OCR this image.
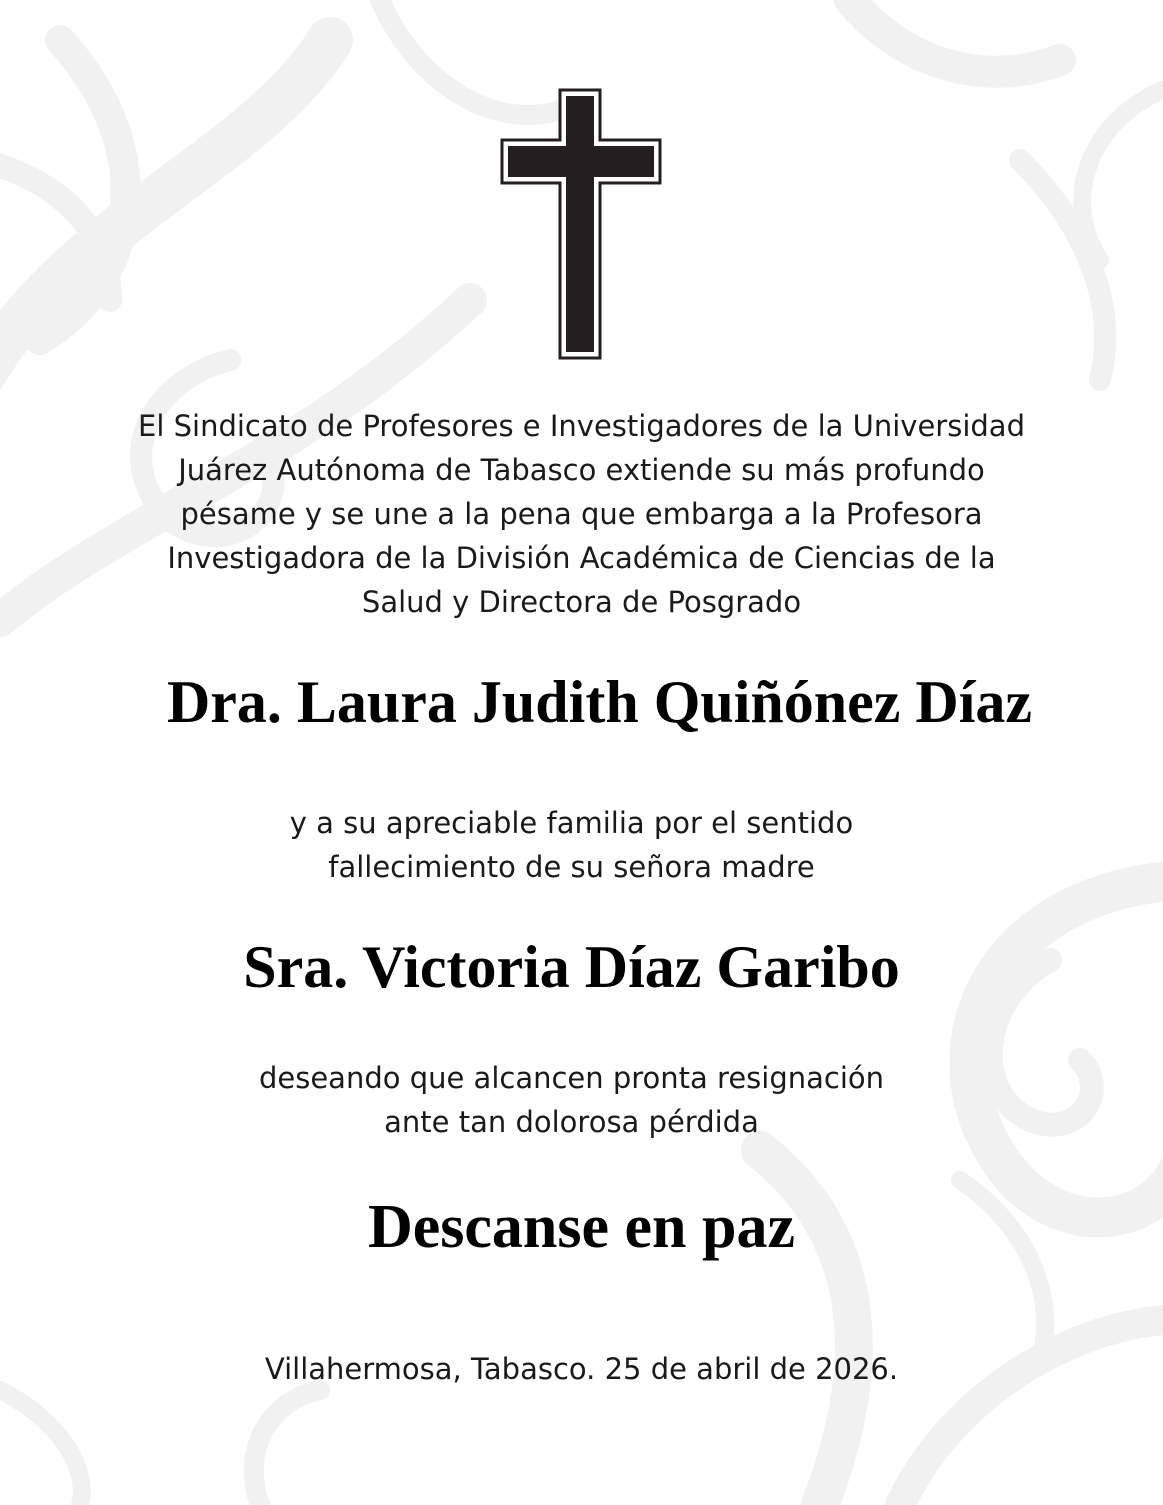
El Sindicato de Profesores e Investigadores de la Universidad
Juárez Autónoma de Tabasco extiende su más profundo
pésame y se une a la pena que embarga a la Profesora
Investigadora de la División Académica de Ciencias de la
Salud y Directora de Posgrado

Dra. Laura Judith Quiñónez Díaz

y a su apreciable familia por el sentido
fallecimiento de su señora madre

Sra. Victoria Díaz Garibo

deseando que alcancen pronta resignación
ante tan dolorosa pérdida

Descanse en paz

Villahermosa, Tabasco. 25 de abril de 2026.
